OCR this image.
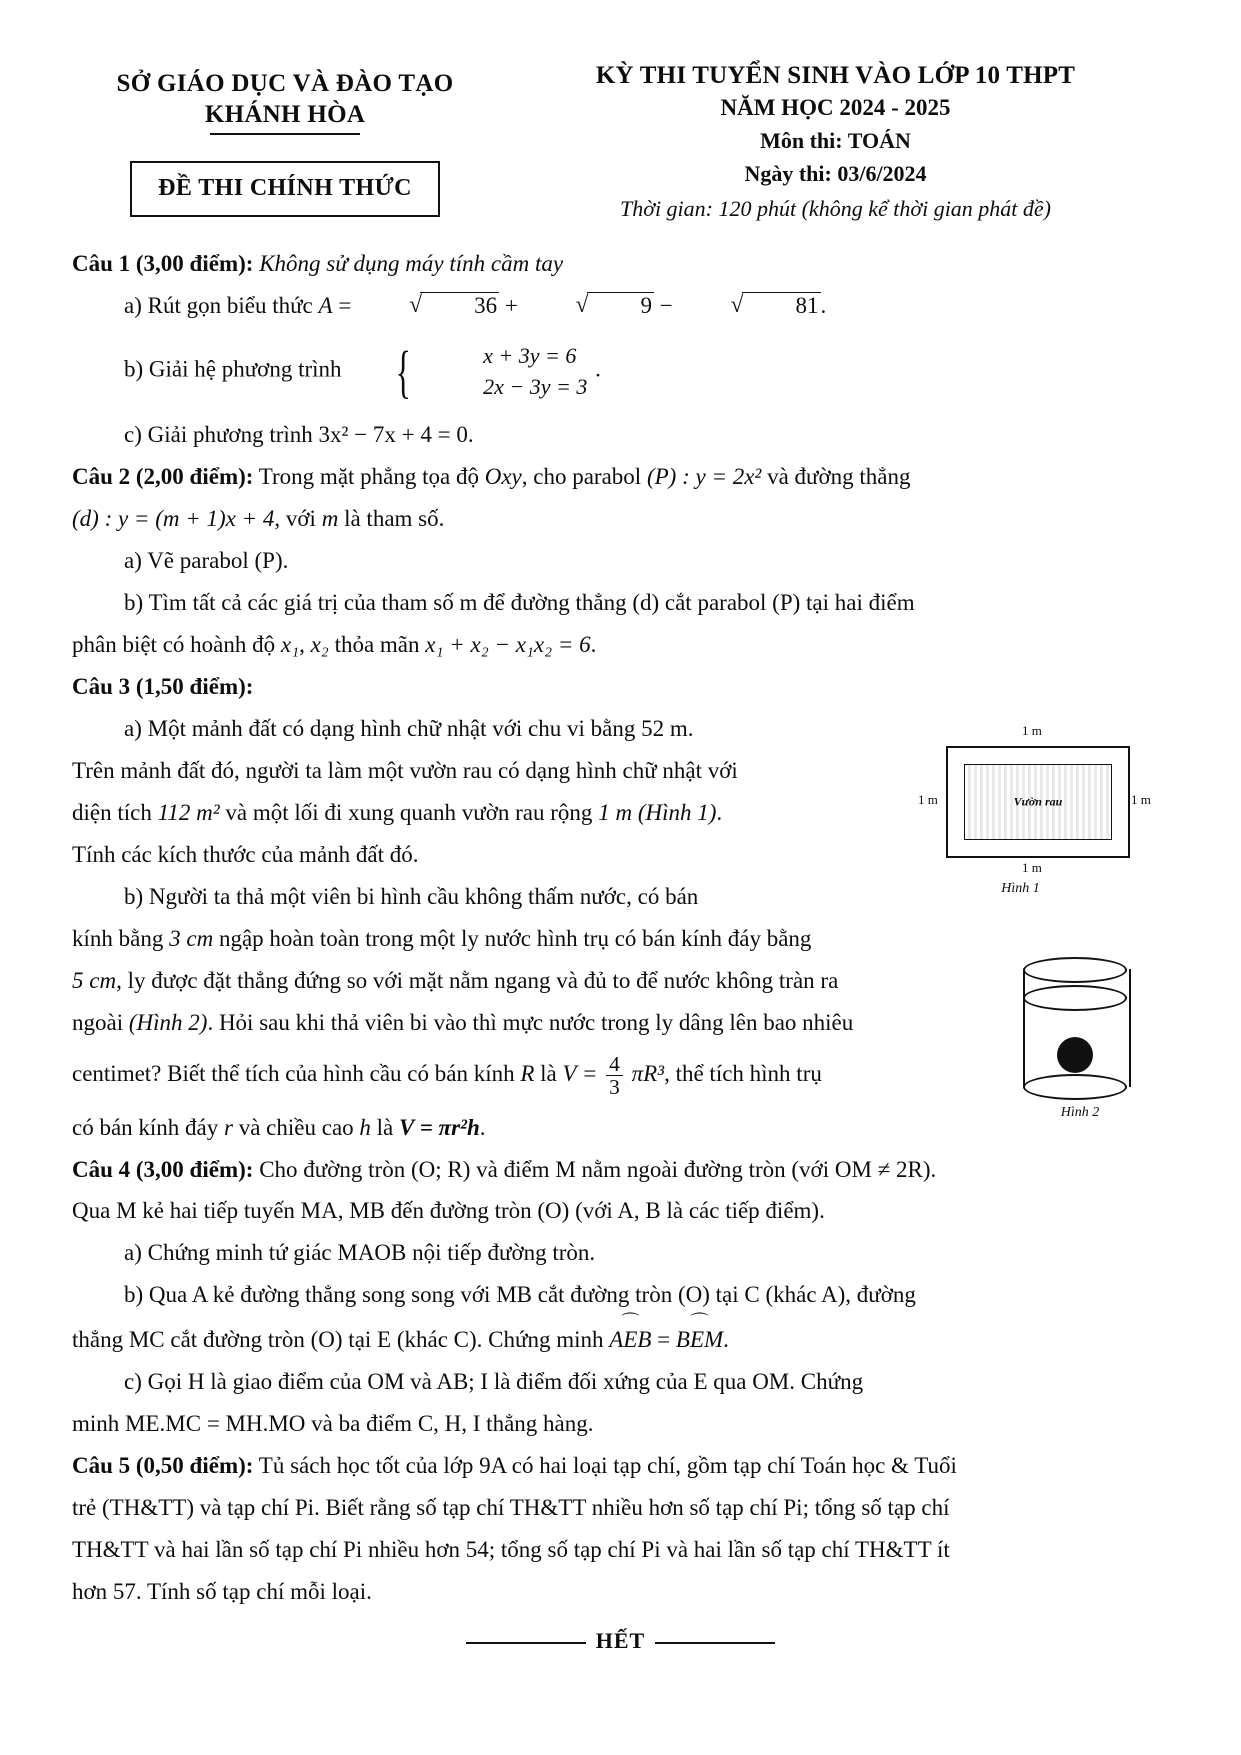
SỞ GIÁO DỤC VÀ ĐÀO TẠO
KHÁNH HÒA
ĐỀ THI CHÍNH THỨC
KỲ THI TUYỂN SINH VÀO LỚP 10 THPT
NĂM HỌC 2024 - 2025
Môn thi: TOÁN
Ngày thi: 03/6/2024
Thời gian: 120 phút (không kể thời gian phát đề)

Câu 1 (3,00 điểm): Không sử dụng máy tính cầm tay

a) Rút gọn biểu thức A =	√ 36 +	√ 9 −	√ 81.

b) Giải hệ phương trình {	x + 3y = 6
2x − 3y = 3
.

c) Giải phương trình 3x² − 7x + 4 = 0.

Câu 2 (2,00 điểm): Trong mặt phẳng tọa độ Oxy, cho parabol (P) : y = 2x² và đường thẳng

(d) : y = (m + 1)x + 4, với m là tham số.

a) Vẽ parabol (P).

b) Tìm tất cả các giá trị của tham số m để đường thẳng (d) cắt parabol (P) tại hai điểm

phân biệt có hoành độ x₁, x₂ thỏa mãn x₁ + x₂ − x₁x₂ = 6.

Câu 3 (1,50 điểm):

a) Một mảnh đất có dạng hình chữ nhật với chu vi bằng 52 m.

Trên mảnh đất đó, người ta làm một vườn rau có dạng hình chữ nhật với

diện tích 112 m² và một lối đi xung quanh vườn rau rộng 1 m (Hình 1).

Tính các kích thước của mảnh đất đó.

b) Người ta thả một viên bi hình cầu không thấm nước, có bán

kính bằng 3 cm ngập hoàn toàn trong một ly nước hình trụ có bán kính đáy bằng

5 cm, ly được đặt thẳng đứng so với mặt nằm ngang và đủ to để nước không tràn ra

ngoài (Hình 2). Hỏi sau khi thả viên bi vào thì mực nước trong ly dâng lên bao nhiêu

centimet? Biết thể tích của hình cầu có bán kính R là $V = \frac{4}{3} \pi R^3$, thể tích hình trụ

có bán kính đáy r và chiều cao h là V = πr²h.

Câu 4 (3,00 điểm): Cho đường tròn (O; R) và điểm M nằm ngoài đường tròn (với OM ≠ 2R).

Qua M kẻ hai tiếp tuyến MA, MB đến đường tròn (O) (với A, B là các tiếp điểm).

a) Chứng minh tứ giác MAOB nội tiếp đường tròn.

b) Qua A kẻ đường thẳng song song với MB cắt đường tròn (O) tại C (khác A), đường

thẳng MC cắt đường tròn (O) tại E (khác C). Chứng minh ⌒ AEB = ⌒ BEM.

c) Gọi H là giao điểm của OM và AB; I là điểm đối xứng của E qua OM. Chứng

minh ME.MC = MH.MO và ba điểm C, H, I thẳng hàng.

Câu 5 (0,50 điểm): Tủ sách học tốt của lớp 9A có hai loại tạp chí, gồm tạp chí Toán học & Tuổi

trẻ (TH&TT) và tạp chí Pi. Biết rằng số tạp chí TH&TT nhiều hơn số tạp chí Pi; tổng số tạp chí

TH&TT và hai lần số tạp chí Pi nhiều hơn 54; tổng số tạp chí Pi và hai lần số tạp chí TH&TT ít

hơn 57. Tính số tạp chí mỗi loại.

HẾT
Vườn rau
1 m
1 m	1 m
1 m
Hình 1
Hình 2
